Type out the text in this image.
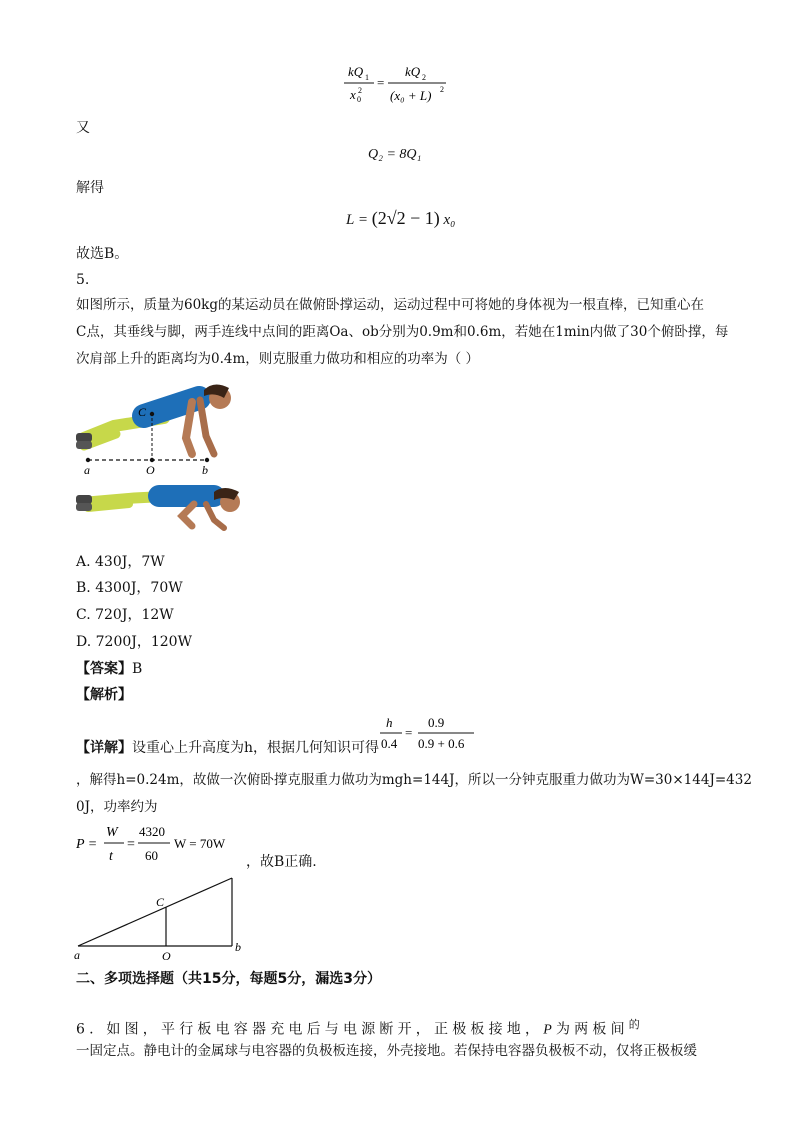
kQ 1
x 0
2
=
kQ 2
(x₀ + L) 2
又
Q₂ = 8Q₁
解得
L = (2√2 − 1) x₀
故选B。
5.
如图所示，质量为60kg的某运动员在做俯卧撑运动，运动过程中可将她的身体视为一根直棒，已知重心在
C点，其垂线与脚，两手连线中点间的距离Oa、ob分别为0.9m和0.6m，若她在1min内做了30个俯卧撑，每
次肩部上升的距离均为0.4m，则克服重力做功和相应的功率为（ ）
C
a	O	b
A. 430J，7W
B. 4300J，70W
C. 720J，12W
D. 7200J，120W
【答案】B
【解析】
【详解】设重心上升高度为h，根据几何知识可得
h
0.4
=
0.9
0.9 + 0.6
，解得h=0.24m，故做一次俯卧撑克服重力做功为mgh=144J，所以一分钟克服重力做功为W=30×144J=432
0J，功率约为
P =
W
t
=
4320
60
W = 70W
，故B正确.
C
a	O
b
二、多项选择题（共15分，每题5分，漏选3分）
6. 如图，平行板电容器充电后与电源断开，正极板接地，P为两板间$^的$
一固定点。静电计的金属球与电容器的负极板连接，外壳接地。若保持电容器负极板不动，仅将正极板缓
